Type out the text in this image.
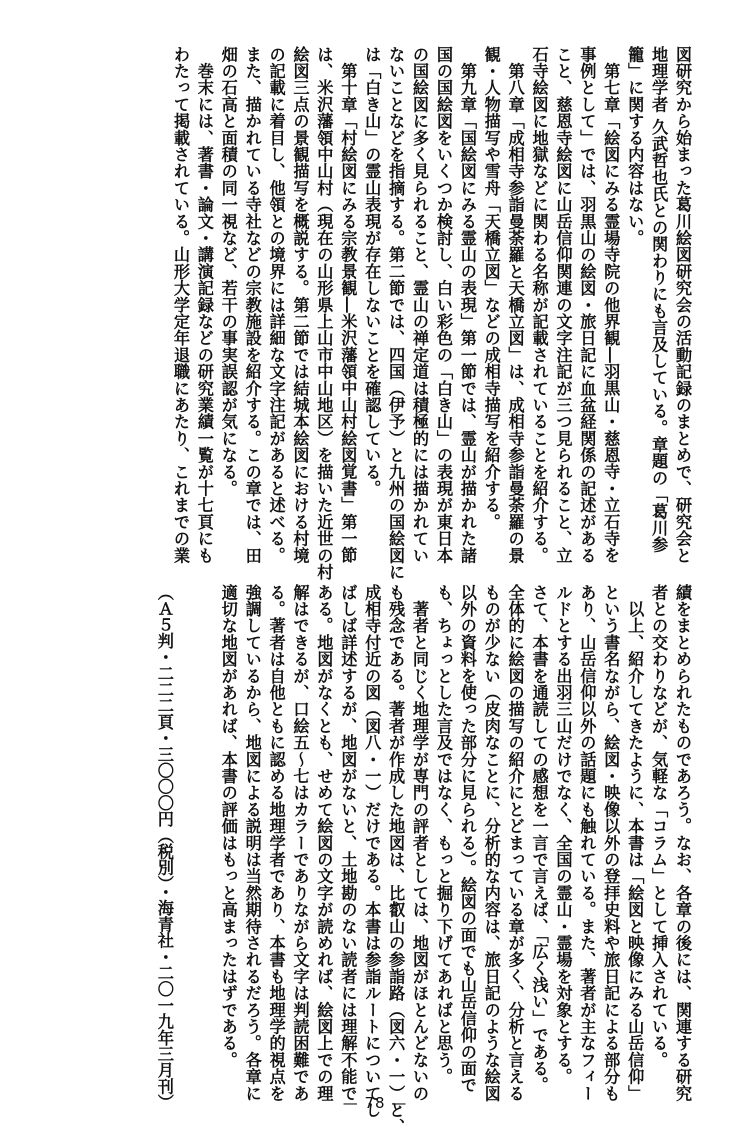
図研究から始まった葛川絵図研究会の活動記録のまとめで、研究会と
地理学者 久武哲也氏との関わりにも言及している。章題の「葛川参
籠」に関する内容はない。
　第七章「絵図にみる霊場寺院の他界観―羽黒山・慈恩寺・立石寺を
事例として」では、羽黒山の絵図・旅日記に血盆経関係の記述がある
こと、慈恩寺絵図に山岳信仰関連の文字注記が三つ見られること、立
石寺絵図に地獄などに関わる名称が記載されていることを紹介する。
　第八章「成相寺参詣曼荼羅と天橋立図」は、成相寺参詣曼荼羅の景
観・人物描写や雪舟「天橋立図」などの成相寺描写を紹介する。
　第九章「国絵図にみる霊山の表現」第一節では、霊山が描かれた諸
国の国絵図をいくつか検討し、白い彩色の「白き山」の表現が東日本
の国絵図に多く見られること、霊山の禅定道は積極的には描かれてい
ないことなどを指摘する。第二節では、四国（伊予）と九州の国絵図に
は「白き山」の霊山表現が存在しないことを確認している。
　第十章「村絵図にみる宗教景観―米沢藩領中山村絵図覚書」第一節
は、米沢藩領中山村（現在の山形県上山市中山地区）を描いた近世の村
絵図三点の景観描写を概説する。第二節では結城本絵図における村境
の記載に着目し、他領との境界には詳細な文字注記があると述べる。
また、描かれている寺社などの宗教施設を紹介する。この章では、田
畑の石高と面積の同一視など、若干の事実誤認が気になる。
　巻末には、著書・論文・講演記録などの研究業績一覧が十七頁にも
わたって掲載されている。山形大学定年退職にあたり、これまでの業
績をまとめられたものであろう。なお、各章の後には、関連する研究
者との交わりなどが、気軽な「コラム」として挿入されている。
　以上、紹介してきたように、本書は「絵図と映像にみる山岳信仰」
という書名ながら、絵図・映像以外の登拝史料や旅日記による部分も
あり、山岳信仰以外の話題にも触れている。また、著者が主なフィー
ルドとする出羽三山だけでなく、全国の霊山・霊場を対象とする。
さて、本書を通読しての感想を一言で言えば、「広く浅い」である。
全体的に絵図の描写の紹介にとどまっている章が多く、分析と言える
ものが少ない（皮肉なことに、分析的な内容は、旅日記のような絵図
以外の資料を使った部分に見られる）。絵図の面でも山岳信仰の面で
も、ちょっとした言及ではなく、もっと掘り下げてあればと思う。
　著者と同じく地理学が専門の評者としては、地図がほとんどないの
も残念である。著者が作成した地図は、比叡山の参詣路（図六・一）と、
成相寺付近の図（図八・一）だけである。本書は参詣ルートについてし
ばしば詳述するが、地図がないと、土地勘のない読者には理解不能で
ある。地図がなくとも、せめて絵図の文字が読めれば、絵図上での理
解はできるが、口絵五～七はカラーでありながら文字は判読困難であ
る。著者は自他ともに認める地理学者であり、本書も地理学的視点を
強調しているから、地図による説明は当然期待されるだろう。各章に
適切な地図があれば、本書の評価はもっと高まったはずである。
（Ａ５判・二二二頁・三〇〇〇円（税別）・海青社・二〇一九年三月刊）	— 78 —
